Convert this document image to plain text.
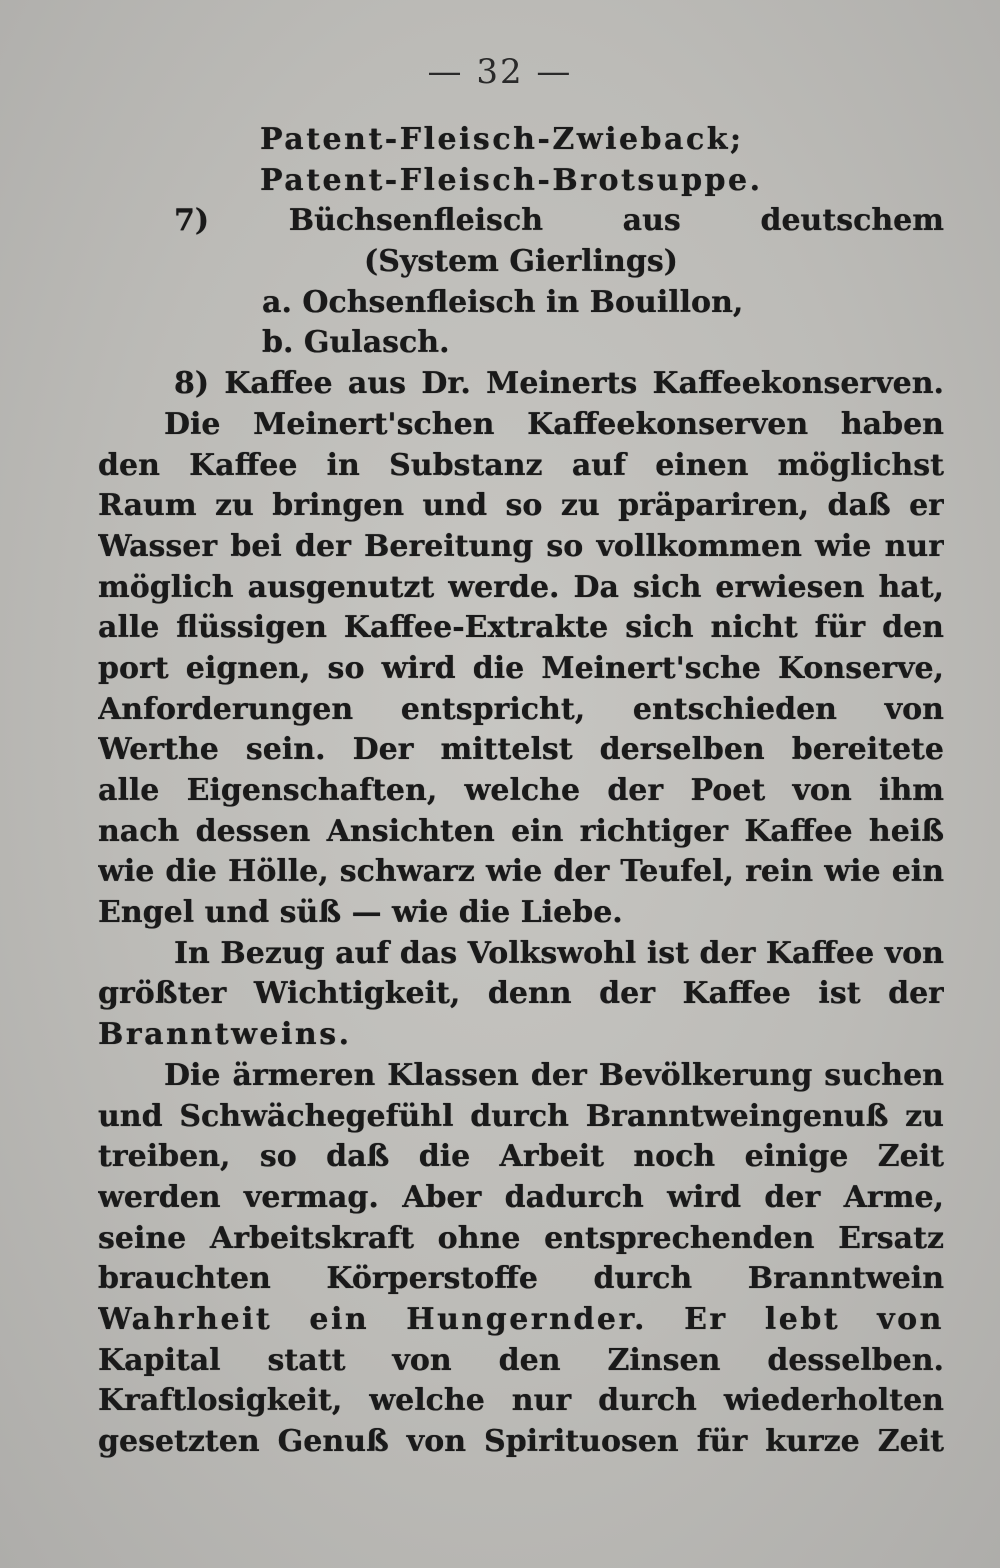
— 32 —
Patent-Fleisch-Zwieback;
Patent-Fleisch-Brotsuppe.
7) Büchsenfleisch aus deutschem
(System Gierlings)
a. Ochsenfleisch in Bouillon,
b. Gulasch.
8) Kaffee aus Dr. Meinerts Kaffeekonserven.
Die Meinert'schen Kaffeekonserven haben
den Kaffee in Substanz auf einen möglichst
Raum zu bringen und so zu präpariren, daß er
Wasser bei der Bereitung so vollkommen wie nur
möglich ausgenutzt werde. Da sich erwiesen hat,
alle flüssigen Kaffee-Extrakte sich nicht für den
port eignen, so wird die Meinert'sche Konserve,
Anforderungen entspricht, entschieden von
Werthe sein. Der mittelst derselben bereitete
alle Eigenschaften, welche der Poet von ihm
nach dessen Ansichten ein richtiger Kaffee heiß
wie die Hölle, schwarz wie der Teufel, rein wie ein
Engel und süß — wie die Liebe.
In Bezug auf das Volkswohl ist der Kaffee von
größter Wichtigkeit, denn der Kaffee ist der
Branntweins.
Die ärmeren Klassen der Bevölkerung suchen
und Schwächegefühl durch Branntweingenuß zu
treiben, so daß die Arbeit noch einige Zeit
werden vermag. Aber dadurch wird der Arme,
seine Arbeitskraft ohne entsprechenden Ersatz
brauchten Körperstoffe durch Branntwein
Wahrheit ein Hungernder. Er lebt von
Kapital statt von den Zinsen desselben.
Kraftlosigkeit, welche nur durch wiederholten
gesetzten Genuß von Spirituosen für kurze Zeit
